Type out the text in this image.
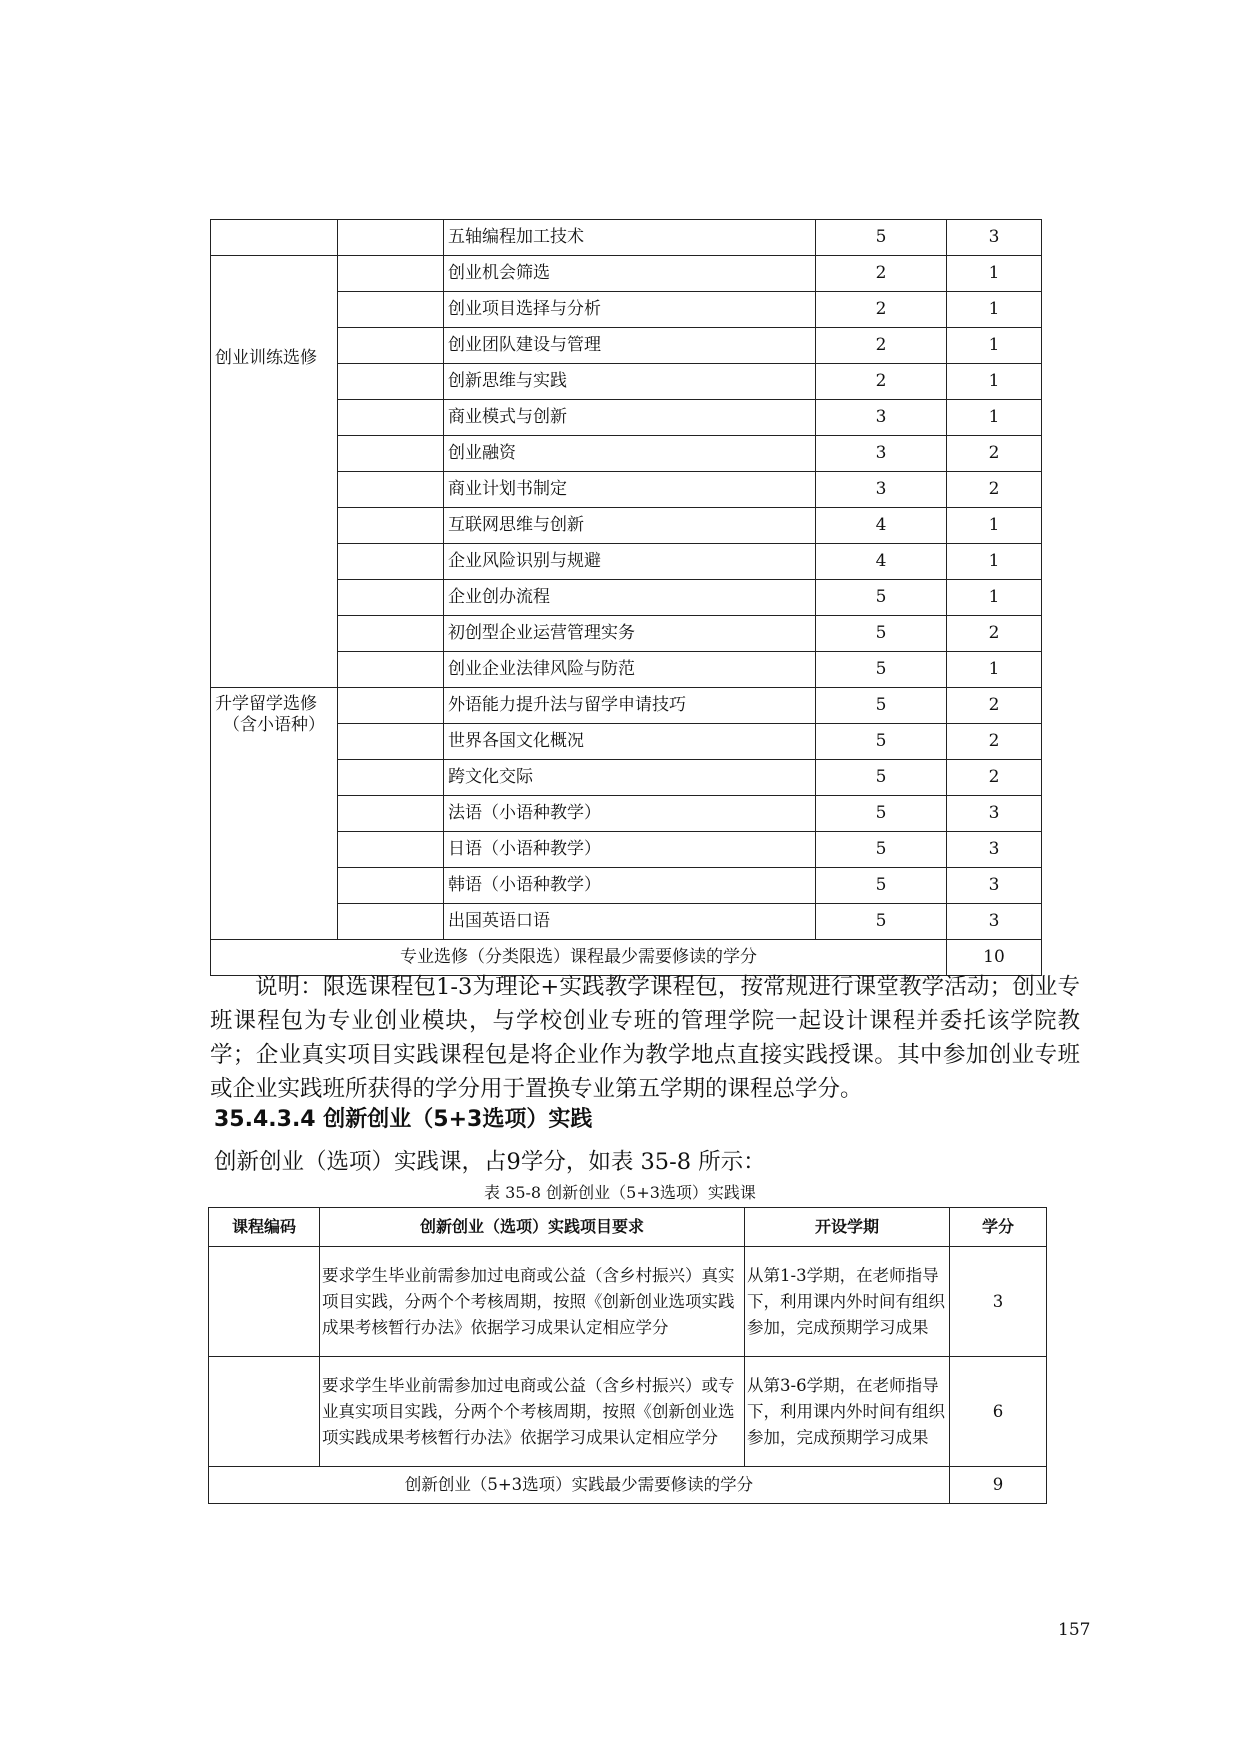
		五轴编程加工技术	5	3

创业训练选修		创业机会筛选	2	1
		创业项目选择与分析	2	1
		创业团队建设与管理	2	1
		创新思维与实践	2	1
		商业模式与创新	3	1
		创业融资	3	2
		商业计划书制定	3	2
		互联网思维与创新	4	1
		企业风险识别与规避	4	1
		企业创办流程	5	1
		初创型企业运营管理实务	5	2
		创业企业法律风险与防范	5	1

升学留学选修
（含小语种）		外语能力提升法与留学申请技巧	5	2
		世界各国文化概况	5	2
		跨文化交际	5	2
		法语（小语种教学）	5	3
		日语（小语种教学）	5	3
		韩语（小语种教学）	5	3
		出国英语口语	5	3
专业选修（分类限选）课程最少需要修读的学分				10

说明：限选课程包1-3为理论+实践教学课程包，按常规进行课堂教学活动；创业专班课程包为专业创业模块，与学校创业专班的管理学院一起设计课程并委托该学院教学；企业真实项目实践课程包是将企业作为教学地点直接实践授课。其中参加创业专班或企业实践班所获得的学分用于置换专业第五学期的课程总学分。

35.4.3.4 创新创业（5+3选项）实践
创新创业（选项）实践课，占9学分，如表 35-8 所示：
表 35-8 创新创业（5+3选项）实践课
课程编码	创新创业（选项）实践项目要求	开设学期	学分
	要求学生毕业前需参加过电商或公益（含乡村振兴）真实项目实践，分两个个考核周期，按照《创新创业选项实践成果考核暂行办法》依据学习成果认定相应学分	从第1-3学期，在老师指导下，利用课内外时间有组织参加，完成预期学习成果	3
	要求学生毕业前需参加过电商或公益（含乡村振兴）或专业真实项目实践，分两个个考核周期，按照《创新创业选项实践成果考核暂行办法》依据学习成果认定相应学分	从第3-6学期，在老师指导下，利用课内外时间有组织参加，完成预期学习成果	6
创新创业（5+3选项）实践最少需要修读的学分			9
157
